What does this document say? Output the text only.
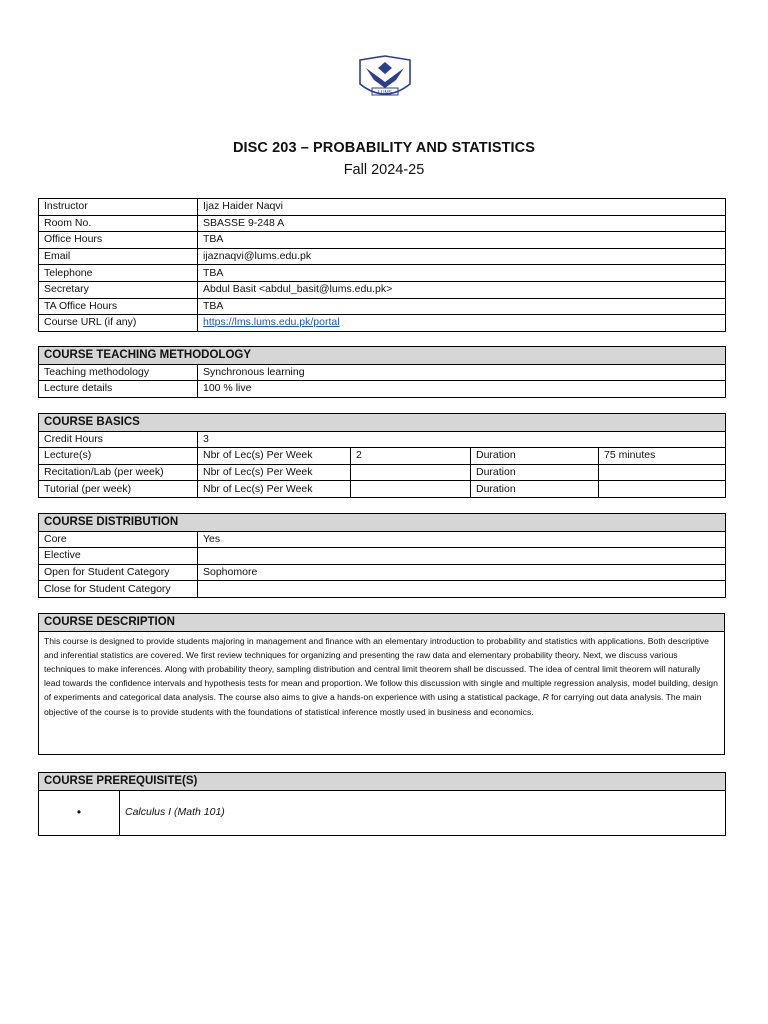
LUMS
DISC 203 – PROBABILITY AND STATISTICS
Fall 2024-25
Instructor	Ijaz Haider Naqvi
Room No.	SBASSE 9-248 A
Office Hours	TBA
Email	ijaznaqvi@lums.edu.pk
Telephone	TBA
Secretary	Abdul Basit <abdul_basit@lums.edu.pk>
TA Office Hours	TBA
Course URL (if any)	https://lms.lums.edu.pk/portal
COURSE TEACHING METHODOLOGY	
Teaching methodology	Synchronous learning
Lecture details	100 % live
COURSE BASICS				
Credit Hours	3			
Lecture(s)	Nbr of Lec(s) Per Week	2	Duration	75 minutes
Recitation/Lab (per week)	Nbr of Lec(s) Per Week		Duration	
Tutorial (per week)	Nbr of Lec(s) Per Week		Duration	
COURSE DISTRIBUTION	
Core	Yes
Elective	
Open for Student Category	Sophomore
Close for Student Category	
COURSE DESCRIPTION
This course is designed to provide students majoring in management and finance with an elementary introduction to probability and statistics with applications. Both descriptive and inferential statistics are covered. We first review techniques for organizing and presenting the raw data and elementary probability theory. Next, we discuss various techniques to make inferences. Along with probability theory, sampling distribution and central limit theorem shall be discussed. The idea of central limit theorem will naturally lead towards the confidence intervals and hypothesis tests for mean and proportion. We follow this discussion with single and multiple regression analysis, model building, design of experiments and categorical data analysis. The course also aims to give a hands-on experience with using a statistical package, R for carrying out data analysis. The main objective of the course is to provide students with the foundations of statistical inference mostly used in business and economics.
COURSE PREREQUISITE(S)
•	Calculus I (Math 101)
